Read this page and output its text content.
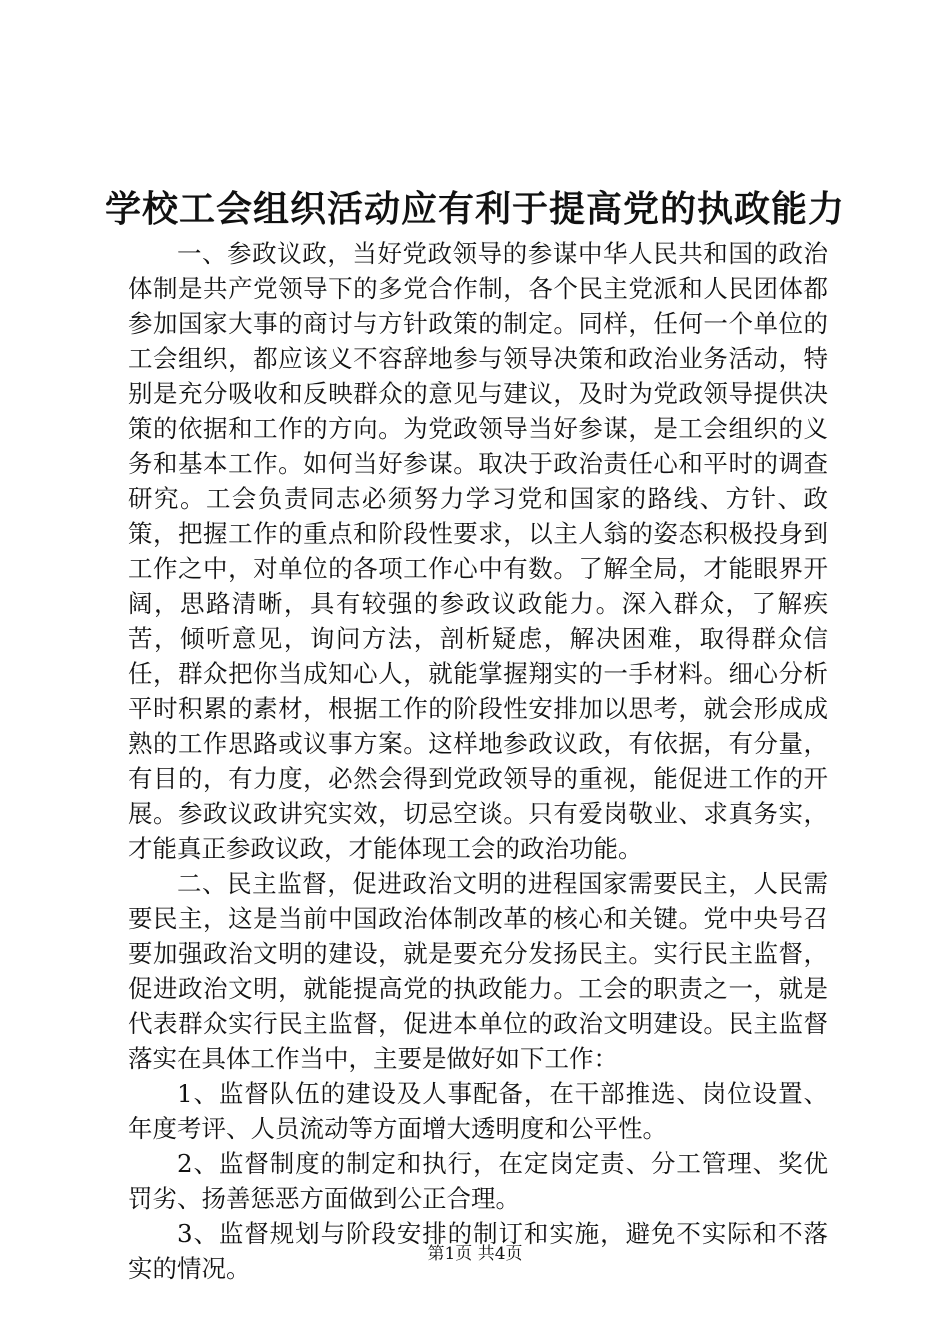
学校工会组织活动应有利于提高党的执政能力

一、参政议政，当好党政领导的参谋中华人民共和国的政治体制是共产党领导下的多党合作制，各个民主党派和人民团体都参加国家大事的商讨与方针政策的制定。同样，任何一个单位的工会组织，都应该义不容辞地参与领导决策和政治业务活动，特别是充分吸收和反映群众的意见与建议，及时为党政领导提供决策的依据和工作的方向。为党政领导当好参谋，是工会组织的义务和基本工作。如何当好参谋。取决于政治责任心和平时的调查研究。工会负责同志必须努力学习党和国家的路线、方针、政策，把握工作的重点和阶段性要求，以主人翁的姿态积极投身到工作之中，对单位的各项工作心中有数。了解全局，才能眼界开阔，思路清晰，具有较强的参政议政能力。深入群众，了解疾苦，倾听意见，询问方法，剖析疑虑，解决困难，取得群众信任，群众把你当成知心人，就能掌握翔实的一手材料。细心分析平时积累的素材，根据工作的阶段性安排加以思考，就会形成成熟的工作思路或议事方案。这样地参政议政，有依据，有分量，有目的，有力度，必然会得到党政领导的重视，能促进工作的开展。参政议政讲究实效，切忌空谈。只有爱岗敬业、求真务实，才能真正参政议政，才能体现工会的政治功能。

二、民主监督，促进政治文明的进程国家需要民主，人民需要民主，这是当前中国政治体制改革的核心和关键。党中央号召要加强政治文明的建设，就是要充分发扬民主。实行民主监督，促进政治文明，就能提高党的执政能力。工会的职责之一，就是代表群众实行民主监督，促进本单位的政治文明建设。民主监督落实在具体工作当中，主要是做好如下工作：

1、监督队伍的建设及人事配备，在干部推选、岗位设置、年度考评、人员流动等方面增大透明度和公平性。

2、监督制度的制定和执行，在定岗定责、分工管理、奖优罚劣、扬善惩恶方面做到公正合理。

3、监督规划与阶段安排的制订和实施，避免不实际和不落实的情况。	第1页 共4页
